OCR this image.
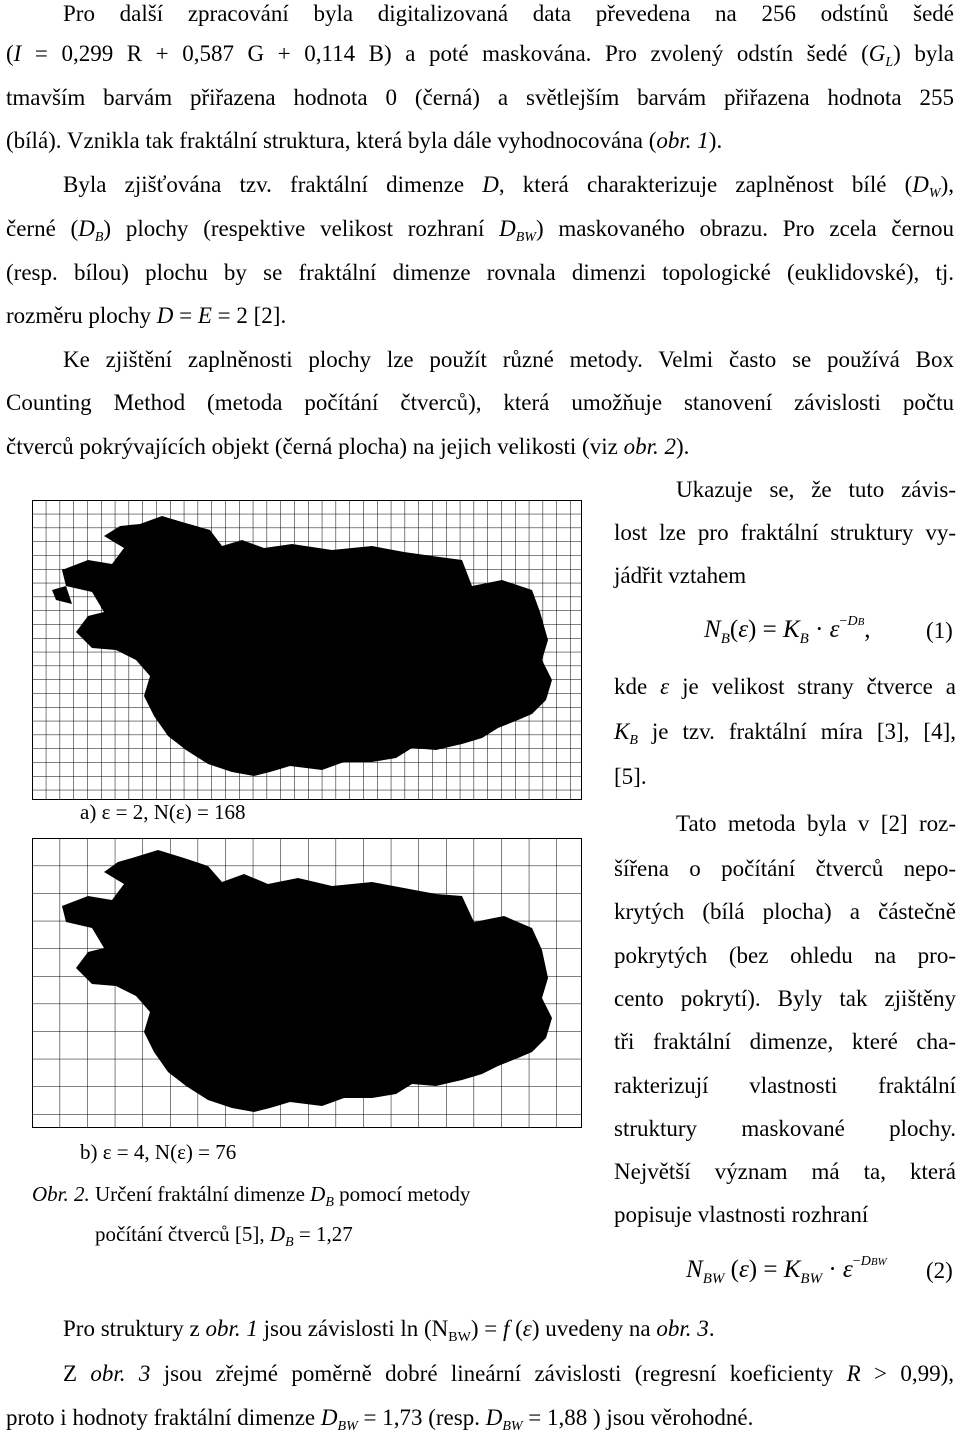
Pro další zpracování byla digitalizovaná data převedena na 256 odstínů šedé
(I = 0,299 R + 0,587 G + 0,114 B) a poté maskována. Pro zvolený odstín šedé $(G_L)$ byla
tmavším barvám přiřazena hodnota 0 (černá) a světlejším barvám přiřazena hodnota 255
(bílá). Vznikla tak fraktální struktura, která byla dále vyhodnocována (obr. 1).
Byla zjišťována tzv. fraktální dimenze D, která charakterizuje zaplněnost bílé $(D_W)$,
černé $(D_B)$ plochy (respektive velikost rozhraní $D_{BW}$) maskovaného obrazu. Pro zcela černou
(resp. bílou) plochu by se fraktální dimenze rovnala dimenzi topologické (euklidovské), tj.
rozměru plochy D = E = 2 [2].
Ke zjištění zaplněnosti plochy lze použít různé metody. Velmi často se používá Box
Counting Method (metoda počítání čtverců), která umožňuje stanovení závislosti počtu
čtverců pokrývajících objekt (černá plocha) na jejich velikosti (viz obr. 2).
a) ε = 2, N(ε) = 168
b) ε = 4, N(ε) = 76
Obr. 2. Určení fraktální dimenze $D_B$ pomocí metody
počítání čtverců [5], $D_B = 1,27$
Ukazuje se, že tuto závis-
lost lze pro fraktální struktury vy-
jádřit vztahem
$N_B(\varepsilon) = K_B \cdot \varepsilon^{-DB}$, (1)
kde ε je velikost strany čtverce a
$K_B$ je tzv. fraktální míra [3], [4],
[5].
Tato metoda byla v [2] roz-
šířena o počítání čtverců nepo-
krytých (bílá plocha) a částečně
pokrytých (bez ohledu na pro-
cento pokrytí). Byly tak zjištěny
tři fraktální dimenze, které cha-
rakterizují vlastnosti fraktální
struktury maskované plochy.
Největší význam má ta, která
popisuje vlastnosti rozhraní
$N_{BW}$ $(\varepsilon) = K_{BW} \cdot \varepsilon^{-DBW}$ (2)
Pro struktury z obr. 1 jsou závislosti $\ln (N_{BW}) = f$ (ε) uvedeny na obr. 3.
Z obr. 3 jsou zřejmé poměrně dobré lineární závislosti (regresní koeficienty R > 0,99),
proto i hodnoty fraktální dimenze $D_{BW} = 1,73$ (resp. $D_{BW} = 1,88$ ) jsou věrohodné.
